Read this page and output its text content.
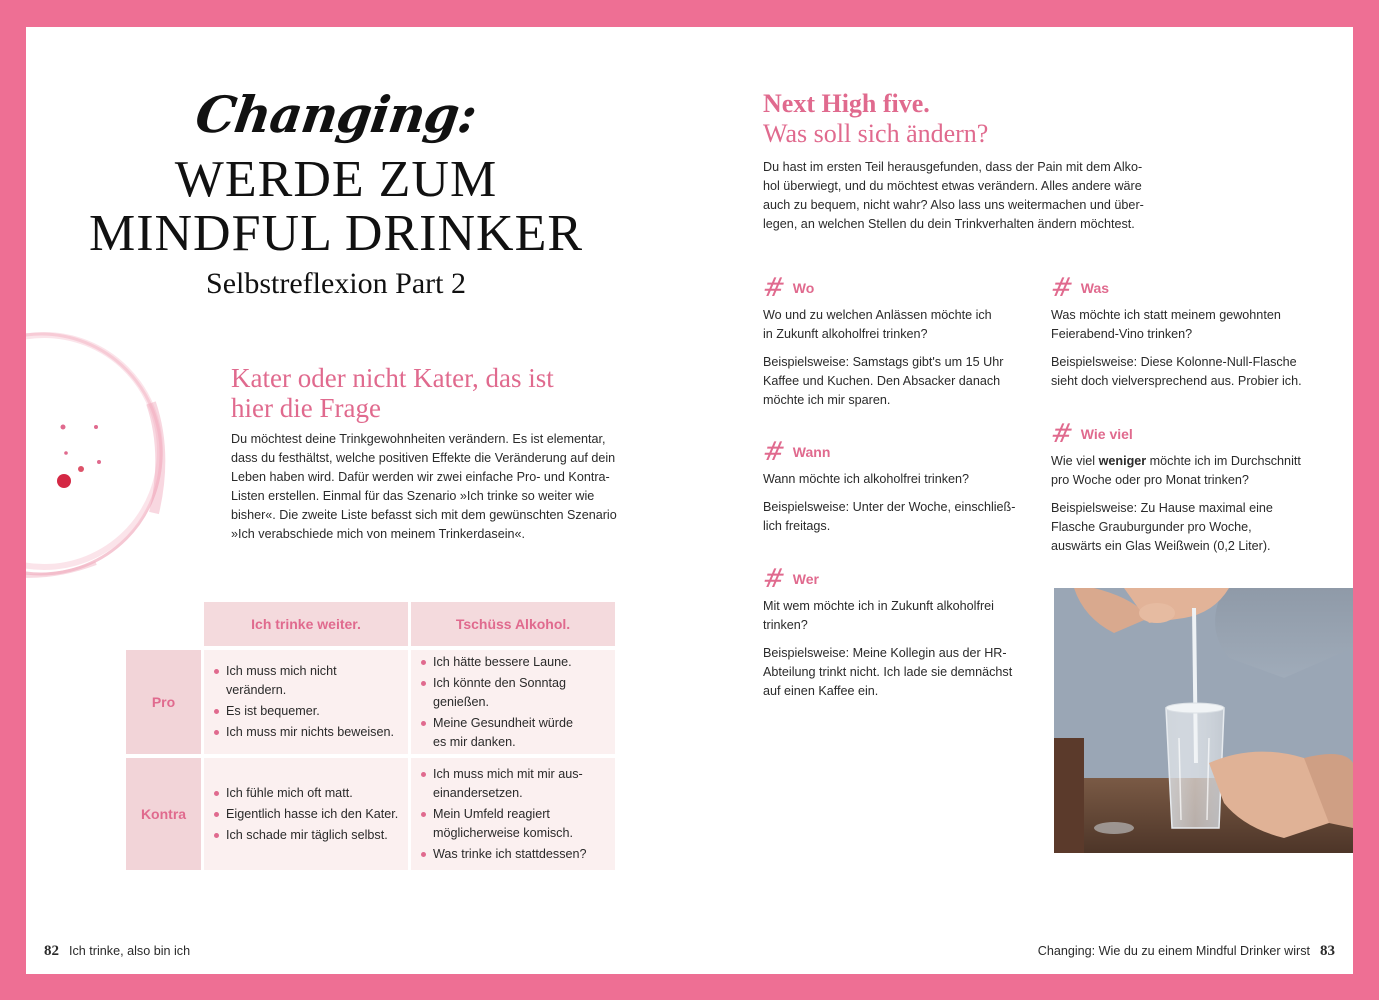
Changing:
WERDE ZUM
MINDFUL DRINKER
Selbstreflexion Part 2
Kater oder nicht Kater, das ist
hier die Frage
Du möchtest deine Trinkgewohnheiten verändern. Es ist elementar,
dass du festhältst, welche positiven Effekte die Veränderung auf dein
Leben haben wird. Dafür werden wir zwei einfache Pro- und Kontra-
Listen erstellen. Einmal für das Szenario »Ich trinke so weiter wie
bisher«. Die zweite Liste befasst sich mit dem gewünschten Szenario
»Ich verabschiede mich von meinem Trinkerdasein«.
Ich trinke weiter.	Tschüss Alkohol.
Pro
Ich muss mich nicht verändern.
Es ist bequemer.
Ich muss mir nichts beweisen.
Ich hätte bessere Laune.
Ich könnte den Sonntag
genießen.
Meine Gesundheit würde
es mir danken.
Kontra
Ich fühle mich oft matt.
Eigentlich hasse ich den Kater.
Ich schade mir täglich selbst.
Ich muss mich mit mir aus-
einandersetzen.
Mein Umfeld reagiert
möglicherweise komisch.
Was trinke ich stattdessen?
82 Ich trinke, also bin ich
Next High five.
Was soll sich ändern?
Du hast im ersten Teil herausgefunden, dass der Pain mit dem Alko-
hol überwiegt, und du möchtest etwas verändern. Alles andere wäre
auch zu bequem, nicht wahr? Also lass uns weitermachen und über-
legen, an welchen Stellen du dein Trinkverhalten ändern möchtest.
# Wo

Wo und zu welchen Anlässen möchte ich
in Zukunft alkoholfrei trinken?

Beispielsweise: Samstags gibt's um 15 Uhr
Kaffee und Kuchen. Den Absacker danach
möchte ich mir sparen.

# Wann

Wann möchte ich alkoholfrei trinken?

Beispielsweise: Unter der Woche, einschließ-
lich freitags.

# Wer

Mit wem möchte ich in Zukunft alkoholfrei
trinken?

Beispielsweise: Meine Kollegin aus der HR-
Abteilung trinkt nicht. Ich lade sie demnächst
auf einen Kaffee ein.

# Was

Was möchte ich statt meinem gewohnten
Feierabend-Vino trinken?

Beispielsweise: Diese Kolonne-Null-Flasche
sieht doch vielversprechend aus. Probier ich.

# Wie viel

Wie viel weniger möchte ich im Durchschnitt
pro Woche oder pro Monat trinken?

Beispielsweise: Zu Hause maximal eine
Flasche Grauburgunder pro Woche,
auswärts ein Glas Weißwein (0,2 Liter).

Changing: Wie du zu einem Mindful Drinker wirst 83
